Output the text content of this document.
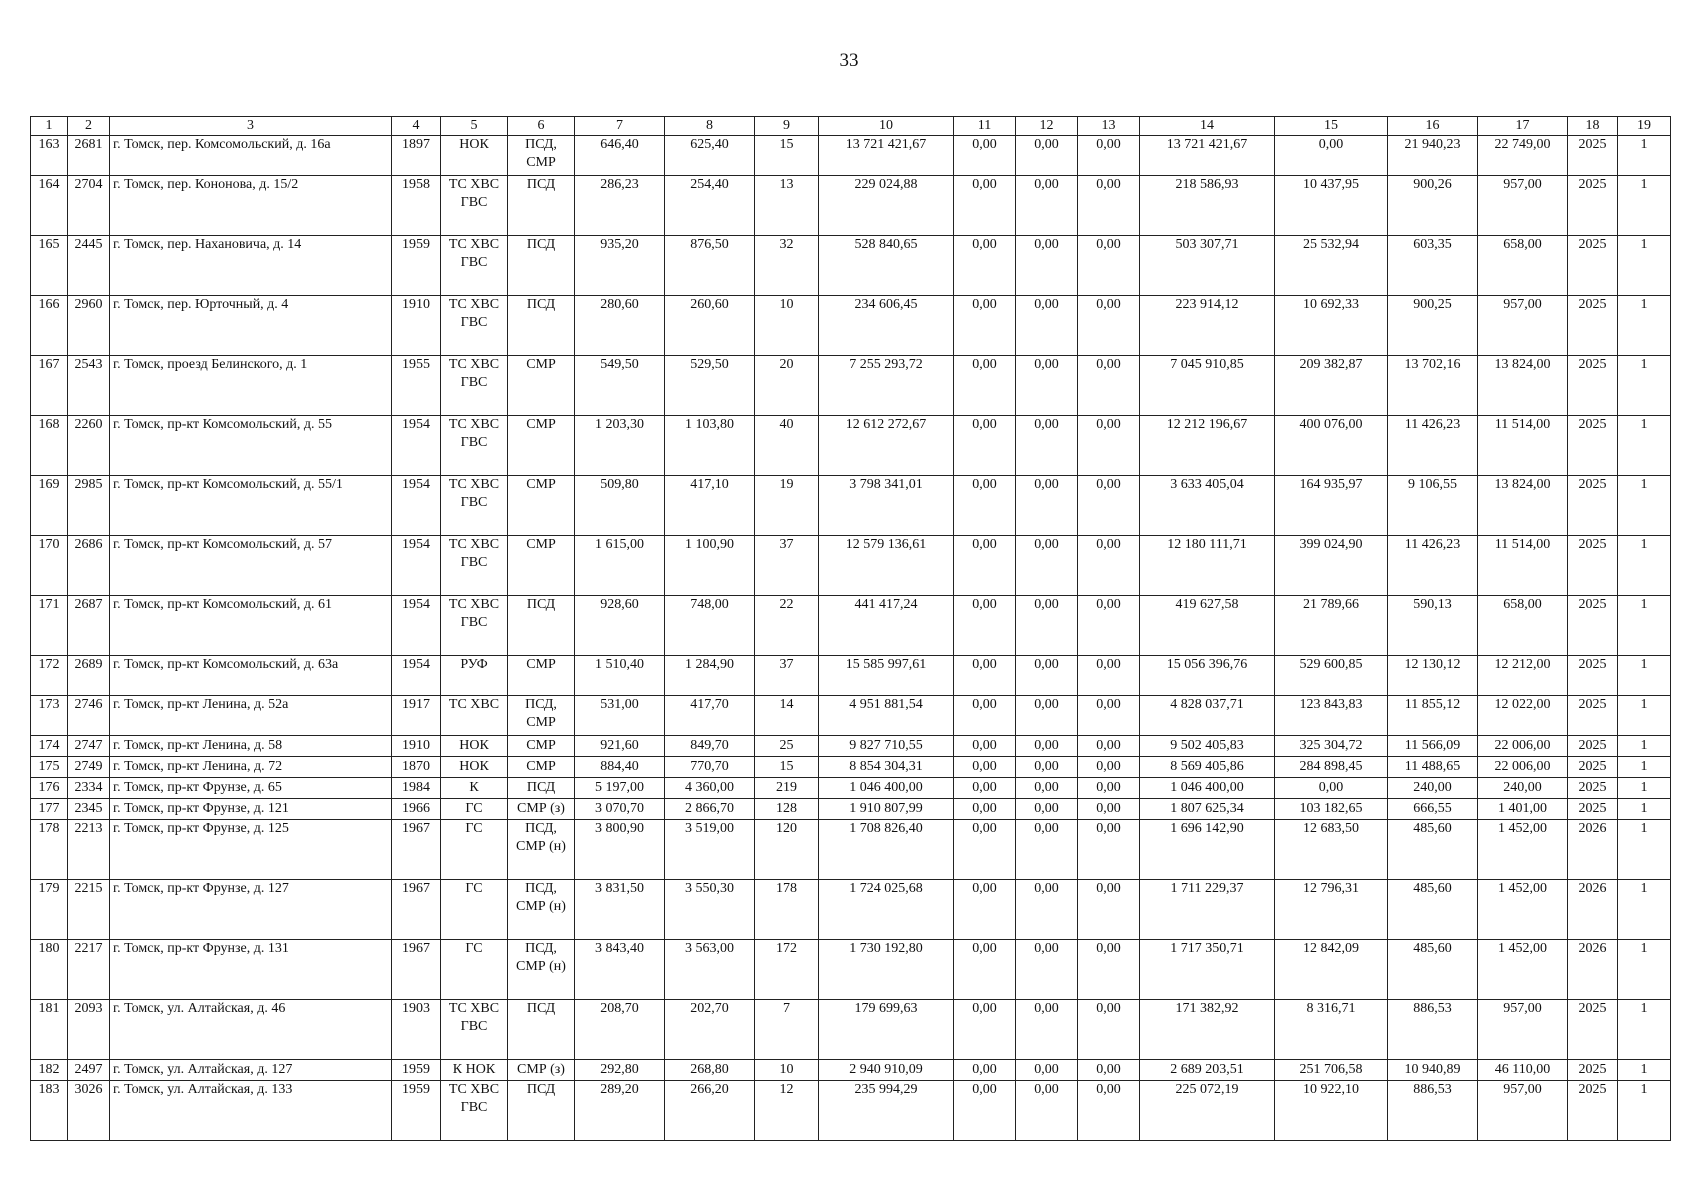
33
1	2	3	4	5	6	7	8	9	10	11	12	13	14	15	16	17	18	19
163	2681	г. Томск, пер. Комсомольский, д. 16а	1897	НОК	ПСД,
СМР	646,40	625,40	15	13 721 421,67	0,00	0,00	0,00	13 721 421,67	0,00	21 940,23	22 749,00	2025	1
164	2704	г. Томск, пер. Кононова, д. 15/2	1958	ТС ХВС
ГВС	ПСД	286,23	254,40	13	229 024,88	0,00	0,00	0,00	218 586,93	10 437,95	900,26	957,00	2025	1
165	2445	г. Томск, пер. Нахановича, д. 14	1959	ТС ХВС
ГВС	ПСД	935,20	876,50	32	528 840,65	0,00	0,00	0,00	503 307,71	25 532,94	603,35	658,00	2025	1
166	2960	г. Томск, пер. Юрточный, д. 4	1910	ТС ХВС
ГВС	ПСД	280,60	260,60	10	234 606,45	0,00	0,00	0,00	223 914,12	10 692,33	900,25	957,00	2025	1
167	2543	г. Томск, проезд Белинского, д. 1	1955	ТС ХВС
ГВС	СМР	549,50	529,50	20	7 255 293,72	0,00	0,00	0,00	7 045 910,85	209 382,87	13 702,16	13 824,00	2025	1
168	2260	г. Томск, пр-кт Комсомольский, д. 55	1954	ТС ХВС
ГВС	СМР	1 203,30	1 103,80	40	12 612 272,67	0,00	0,00	0,00	12 212 196,67	400 076,00	11 426,23	11 514,00	2025	1
169	2985	г. Томск, пр-кт Комсомольский, д. 55/1	1954	ТС ХВС
ГВС	СМР	509,80	417,10	19	3 798 341,01	0,00	0,00	0,00	3 633 405,04	164 935,97	9 106,55	13 824,00	2025	1
170	2686	г. Томск, пр-кт Комсомольский, д. 57	1954	ТС ХВС
ГВС	СМР	1 615,00	1 100,90	37	12 579 136,61	0,00	0,00	0,00	12 180 111,71	399 024,90	11 426,23	11 514,00	2025	1
171	2687	г. Томск, пр-кт Комсомольский, д. 61	1954	ТС ХВС
ГВС	ПСД	928,60	748,00	22	441 417,24	0,00	0,00	0,00	419 627,58	21 789,66	590,13	658,00	2025	1
172	2689	г. Томск, пр-кт Комсомольский, д. 63а	1954	РУФ	СМР	1 510,40	1 284,90	37	15 585 997,61	0,00	0,00	0,00	15 056 396,76	529 600,85	12 130,12	12 212,00	2025	1
173	2746	г. Томск, пр-кт Ленина, д. 52а	1917	ТС ХВС	ПСД,
СМР	531,00	417,70	14	4 951 881,54	0,00	0,00	0,00	4 828 037,71	123 843,83	11 855,12	12 022,00	2025	1
174	2747	г. Томск, пр-кт Ленина, д. 58	1910	НОК	СМР	921,60	849,70	25	9 827 710,55	0,00	0,00	0,00	9 502 405,83	325 304,72	11 566,09	22 006,00	2025	1
175	2749	г. Томск, пр-кт Ленина, д. 72	1870	НОК	СМР	884,40	770,70	15	8 854 304,31	0,00	0,00	0,00	8 569 405,86	284 898,45	11 488,65	22 006,00	2025	1
176	2334	г. Томск, пр-кт Фрунзе, д. 65	1984	К	ПСД	5 197,00	4 360,00	219	1 046 400,00	0,00	0,00	0,00	1 046 400,00	0,00	240,00	240,00	2025	1
177	2345	г. Томск, пр-кт Фрунзе, д. 121	1966	ГС	СМР (з)	3 070,70	2 866,70	128	1 910 807,99	0,00	0,00	0,00	1 807 625,34	103 182,65	666,55	1 401,00	2025	1
178	2213	г. Томск, пр-кт Фрунзе, д. 125	1967	ГС	ПСД,
СМР (н)	3 800,90	3 519,00	120	1 708 826,40	0,00	0,00	0,00	1 696 142,90	12 683,50	485,60	1 452,00	2026	1
179	2215	г. Томск, пр-кт Фрунзе, д. 127	1967	ГС	ПСД,
СМР (н)	3 831,50	3 550,30	178	1 724 025,68	0,00	0,00	0,00	1 711 229,37	12 796,31	485,60	1 452,00	2026	1
180	2217	г. Томск, пр-кт Фрунзе, д. 131	1967	ГС	ПСД,
СМР (н)	3 843,40	3 563,00	172	1 730 192,80	0,00	0,00	0,00	1 717 350,71	12 842,09	485,60	1 452,00	2026	1
181	2093	г. Томск, ул. Алтайская, д. 46	1903	ТС ХВС
ГВС	ПСД	208,70	202,70	7	179 699,63	0,00	0,00	0,00	171 382,92	8 316,71	886,53	957,00	2025	1
182	2497	г. Томск, ул. Алтайская, д. 127	1959	К НОК	СМР (з)	292,80	268,80	10	2 940 910,09	0,00	0,00	0,00	2 689 203,51	251 706,58	10 940,89	46 110,00	2025	1
183	3026	г. Томск, ул. Алтайская, д. 133	1959	ТС ХВС
ГВС	ПСД	289,20	266,20	12	235 994,29	0,00	0,00	0,00	225 072,19	10 922,10	886,53	957,00	2025	1
